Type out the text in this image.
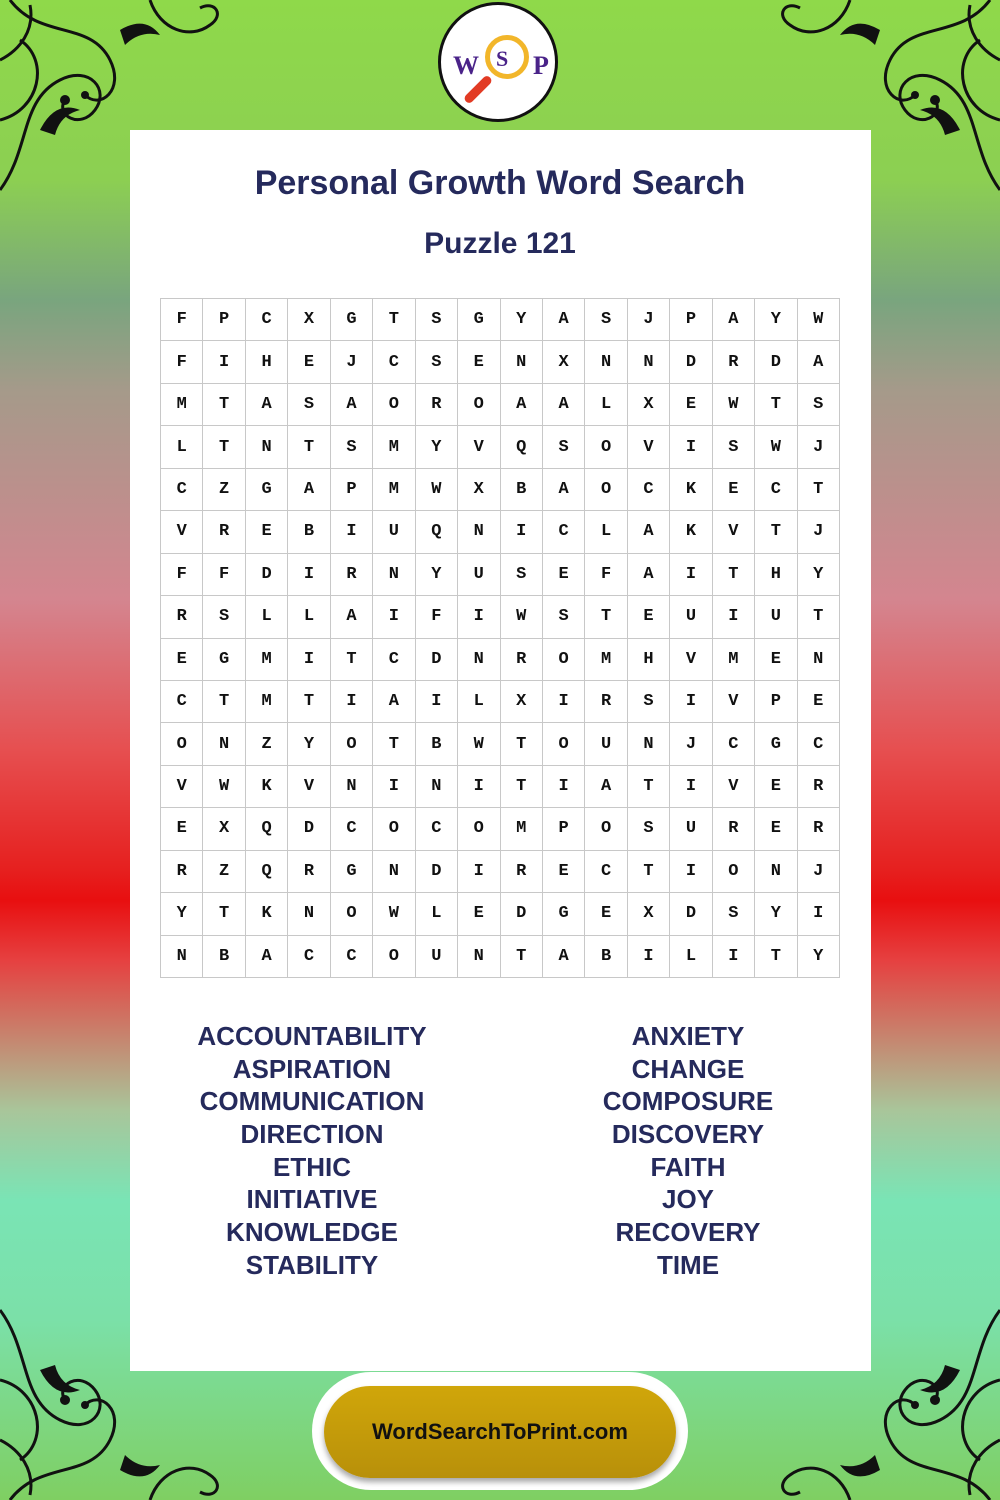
W S P
Personal Growth Word Search
Puzzle 121
F	P	C	X	G	T	S	G	Y	A	S	J	P	A	Y	W
F	I	H	E	J	C	S	E	N	X	N	N	D	R	D	A
M	T	A	S	A	O	R	O	A	A	L	X	E	W	T	S
L	T	N	T	S	M	Y	V	Q	S	O	V	I	S	W	J
C	Z	G	A	P	M	W	X	B	A	O	C	K	E	C	T
V	R	E	B	I	U	Q	N	I	C	L	A	K	V	T	J
F	F	D	I	R	N	Y	U	S	E	F	A	I	T	H	Y
R	S	L	L	A	I	F	I	W	S	T	E	U	I	U	T
E	G	M	I	T	C	D	N	R	O	M	H	V	M	E	N
C	T	M	T	I	A	I	L	X	I	R	S	I	V	P	E
O	N	Z	Y	O	T	B	W	T	O	U	N	J	C	G	C
V	W	K	V	N	I	N	I	T	I	A	T	I	V	E	R
E	X	Q	D	C	O	C	O	M	P	O	S	U	R	E	R
R	Z	Q	R	G	N	D	I	R	E	C	T	I	O	N	J
Y	T	K	N	O	W	L	E	D	G	E	X	D	S	Y	I
N	B	A	C	C	O	U	N	T	A	B	I	L	I	T	Y
ACCOUNTABILITY
ASPIRATION
COMMUNICATION
DIRECTION
ETHIC
INITIATIVE
KNOWLEDGE
STABILITY
ANXIETY
CHANGE
COMPOSURE
DISCOVERY
FAITH
JOY
RECOVERY
TIME
WordSearchToPrint.com
